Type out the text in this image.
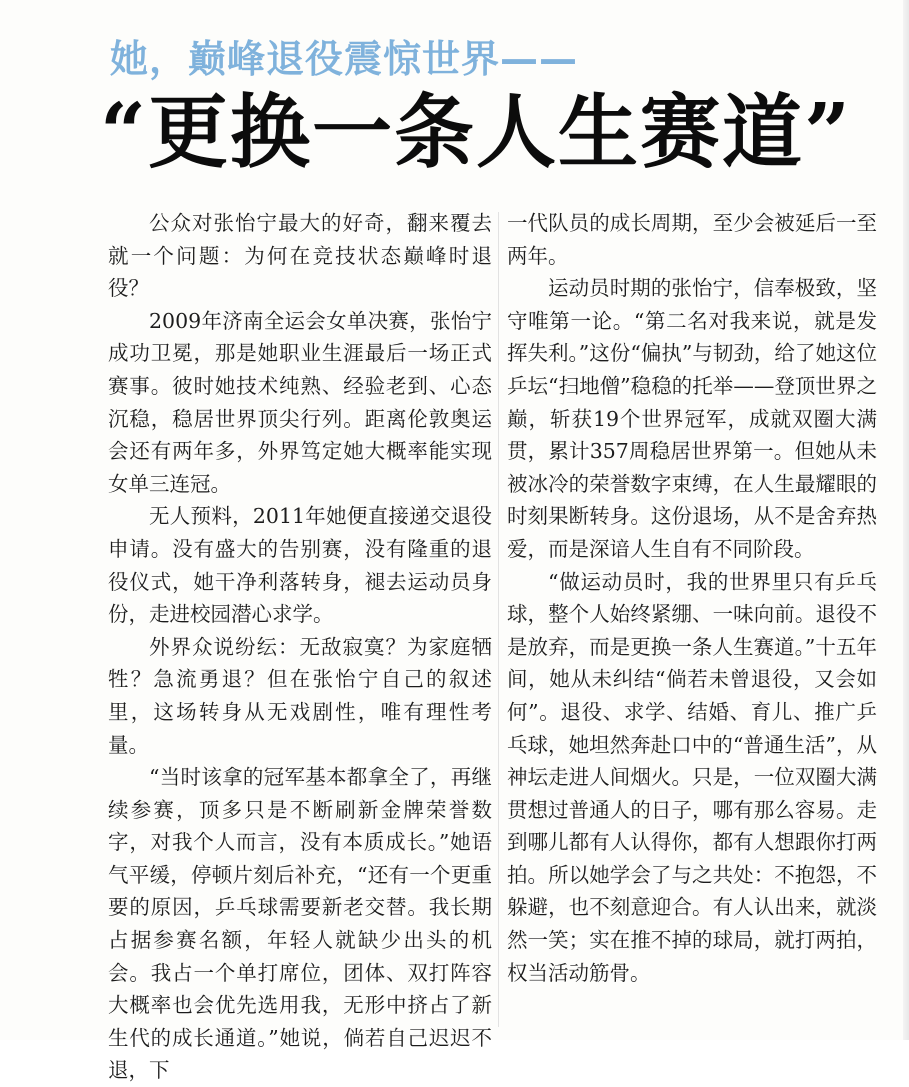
她，巅峰退役震惊世界——
“更换一条人生赛道”

公众对张怡宁最大的好奇，翻来覆去就一个问题：为何在竞技状态巅峰时退役？

2009年济南全运会女单决赛，张怡宁成功卫冕，那是她职业生涯最后一场正式赛事。彼时她技术纯熟、经验老到、心态沉稳，稳居世界顶尖行列。距离伦敦奥运会还有两年多，外界笃定她大概率能实现女单三连冠。

无人预料，2011年她便直接递交退役申请。没有盛大的告别赛，没有隆重的退役仪式，她干净利落转身，褪去运动员身份，走进校园潜心求学。

外界众说纷纭：无敌寂寞？为家庭牺牲？急流勇退？但在张怡宁自己的叙述里，这场转身从无戏剧性，唯有理性考量。

“当时该拿的冠军基本都拿全了，再继续参赛，顶多只是不断刷新金牌荣誉数字，对我个人而言，没有本质成长。”她语气平缓，停顿片刻后补充，“还有一个更重要的原因，乒乓球需要新老交替。我长期占据参赛名额，年轻人就缺少出头的机会。我占一个单打席位，团体、双打阵容大概率也会优先选用我，无形中挤占了新生代的成长通道。”她说，倘若自己迟迟不退，下

一代队员的成长周期，至少会被延后一至两年。

运动员时期的张怡宁，信奉极致，坚守唯第一论。“第二名对我来说，就是发挥失利。”这份“偏执”与韧劲，给了她这位乒坛“扫地僧”稳稳的托举——登顶世界之巅，斩获19个世界冠军，成就双圈大满贯，累计357周稳居世界第一。但她从未被冰冷的荣誉数字束缚，在人生最耀眼的时刻果断转身。这份退场，从不是舍弃热爱，而是深谙人生自有不同阶段。

“做运动员时，我的世界里只有乒乓球，整个人始终紧绷、一味向前。退役不是放弃，而是更换一条人生赛道。”十五年间，她从未纠结“倘若未曾退役，又会如何”。退役、求学、结婚、育儿、推广乒乓球，她坦然奔赴口中的“普通生活”，从神坛走进人间烟火。只是，一位双圈大满贯想过普通人的日子，哪有那么容易。走到哪儿都有人认得你，都有人想跟你打两拍。所以她学会了与之共处：不抱怨，不躲避，也不刻意迎合。有人认出来，就淡然一笑；实在推不掉的球局，就打两拍，权当活动筋骨。
